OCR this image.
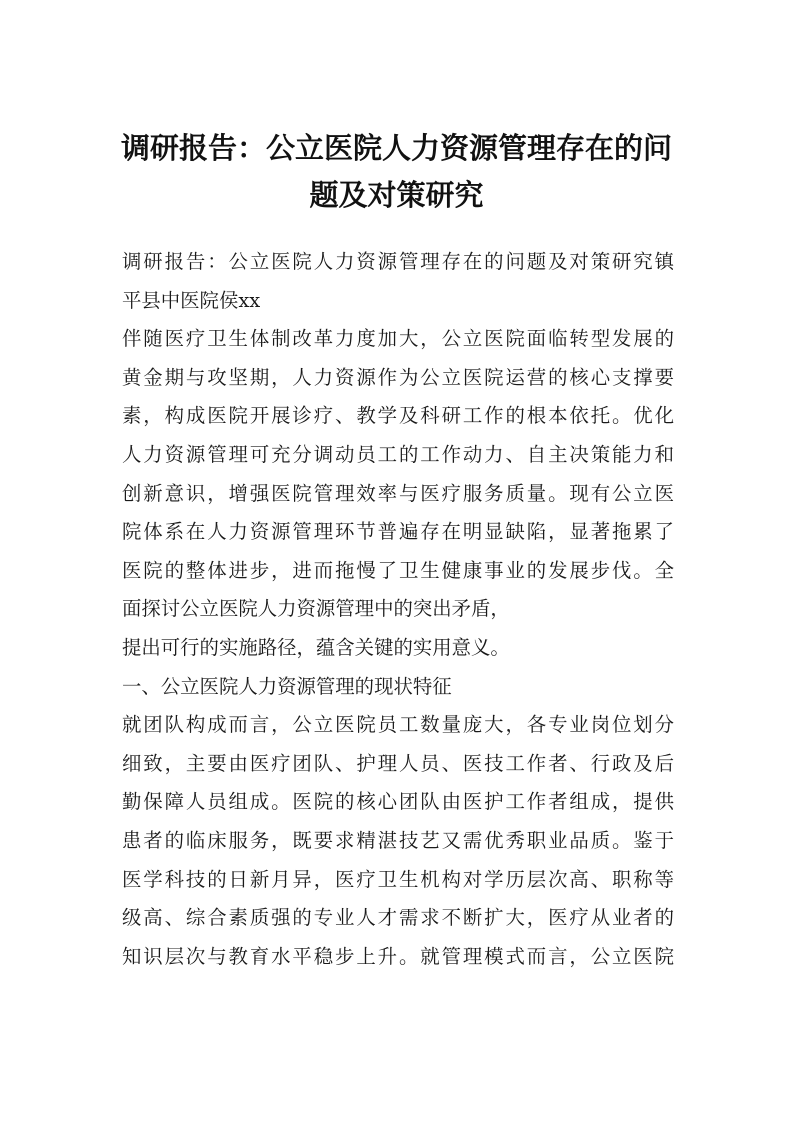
调研报告：公立医院人力资源管理存在的问
题及对策研究
调研报告：公立医院人力资源管理存在的问题及对策研究镇
平县中医院侯xx
伴随医疗卫生体制改革力度加大，公立医院面临转型发展的
黄金期与攻坚期，人力资源作为公立医院运营的核心支撑要
素，构成医院开展诊疗、教学及科研工作的根本依托。优化
人力资源管理可充分调动员工的工作动力、自主决策能力和
创新意识，增强医院管理效率与医疗服务质量。现有公立医
院体系在人力资源管理环节普遍存在明显缺陷，显著拖累了
医院的整体进步，进而拖慢了卫生健康事业的发展步伐。全
面探讨公立医院人力资源管理中的突出矛盾，
提出可行的实施路径，蕴含关键的实用意义。
一、公立医院人力资源管理的现状特征
就团队构成而言，公立医院员工数量庞大，各专业岗位划分
细致，主要由医疗团队、护理人员、医技工作者、行政及后
勤保障人员组成。医院的核心团队由医护工作者组成，提供
患者的临床服务，既要求精湛技艺又需优秀职业品质。鉴于
医学科技的日新月异，医疗卫生机构对学历层次高、职称等
级高、综合素质强的专业人才需求不断扩大，医疗从业者的
知识层次与教育水平稳步上升。就管理模式而言，公立医院
